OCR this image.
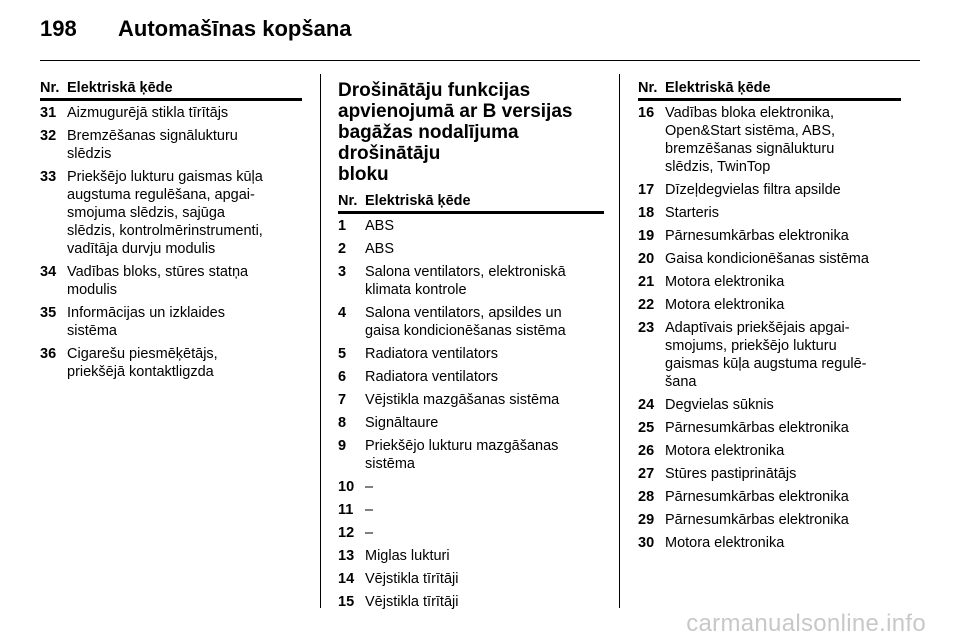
198 Automašīnas kopšana
Nr. Elektriskā ķēde
31 Aizmugurējā stikla tīrītājs
32 Bremzēšanas signālukturu
slēdzis
33 Priekšējo lukturu gaismas kūļa
augstuma regulēšana, apgai-
smojuma slēdzis, sajūga
slēdzis, kontrolmērinstrumenti,
vadītāja durvju modulis
34 Vadības bloks, stūres statņa
modulis
35 Informācijas un izklaides
sistēma
36 Cigarešu piesmēķētājs,
priekšējā kontaktligzda
Drošinātāju funkcijas
apvienojumā ar B versijas
bagāžas nodalījuma drošinātāju
bloku
Nr. Elektriskā ķēde
1	ABS
2	ABS
3	Salona ventilators, elektroniskā
klimata kontrole
4	Salona ventilators, apsildes un
gaisa kondicionēšanas sistēma
5	Radiatora ventilators
6	Radiatora ventilators
7	Vējstikla mazgāšanas sistēma
8	Signāltaure
9	Priekšējo lukturu mazgāšanas
sistēma
10 –
11 –
12 –
13 Miglas lukturi
14 Vējstikla tīrītāji
15 Vējstikla tīrītāji
Nr. Elektriskā ķēde
16 Vadības bloka elektronika,
Open&Start sistēma, ABS,
bremzēšanas signālukturu
slēdzis, TwinTop
17 Dīzeļdegvielas filtra apsilde
18 Starteris
19 Pārnesumkārbas elektronika
20 Gaisa kondicionēšanas sistēma
21 Motora elektronika
22 Motora elektronika
23 Adaptīvais priekšējais apgai-
smojums, priekšējo lukturu
gaismas kūļa augstuma regulē-
šana
24 Degvielas sūknis
25 Pārnesumkārbas elektronika
26 Motora elektronika
27 Stūres pastiprinātājs
28 Pārnesumkārbas elektronika
29 Pārnesumkārbas elektronika
30 Motora elektronika
carmanualsonline.info
